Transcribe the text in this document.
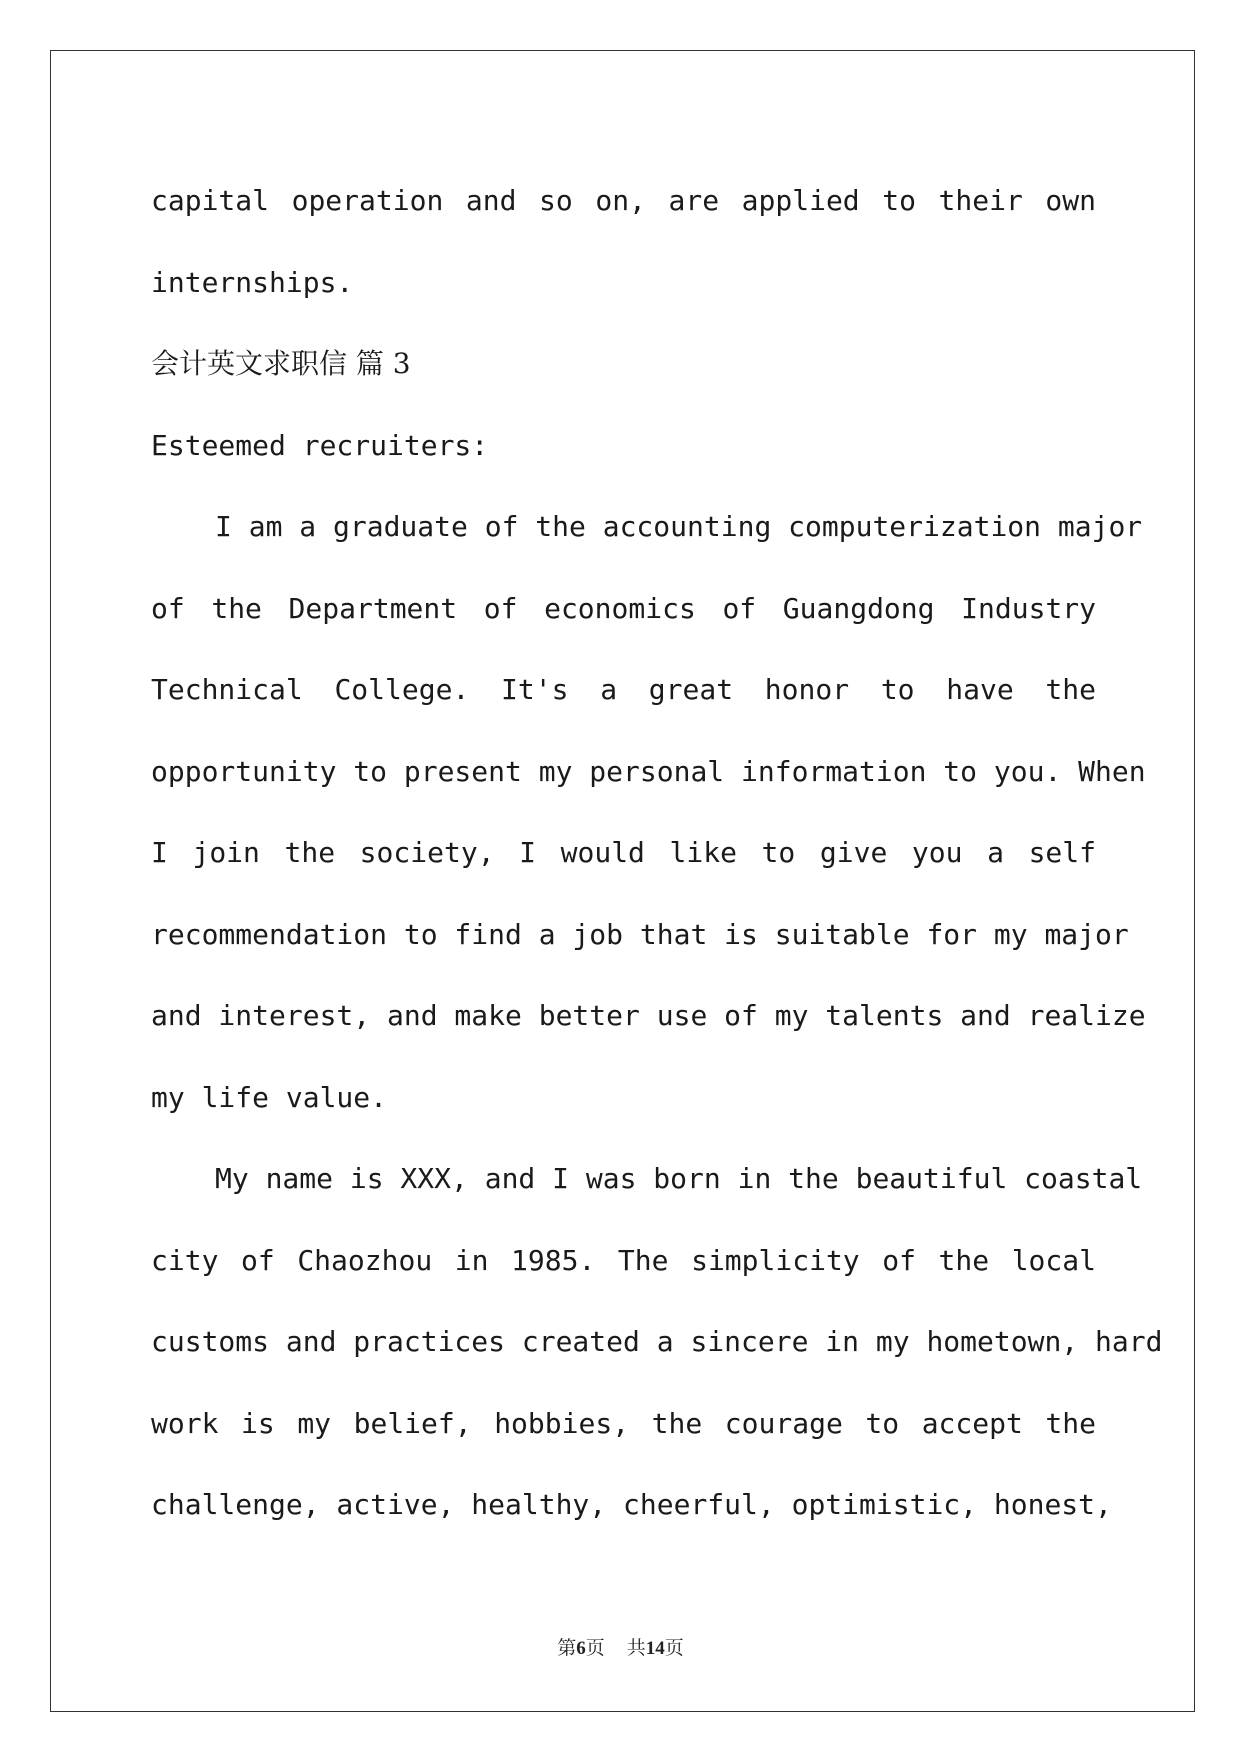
capital operation and so on, are applied to their own
internships.
会计英文求职信 篇 3
Esteemed recruiters:
I am a graduate of the accounting computerization major
of the Department of economics of Guangdong Industry
Technical College. It's a great honor to have the
opportunity to present my personal information to you. When
I join the society, I would like to give you a self
recommendation to find a job that is suitable for my major
and interest, and make better use of my talents and realize
my life value.
My name is XXX, and I was born in the beautiful coastal
city of Chaozhou in 1985. The simplicity of the local
customs and practices created a sincere in my hometown, hard
work is my belief, hobbies, the courage to accept the
challenge, active, healthy, cheerful, optimistic, honest,
第6页 共14页
